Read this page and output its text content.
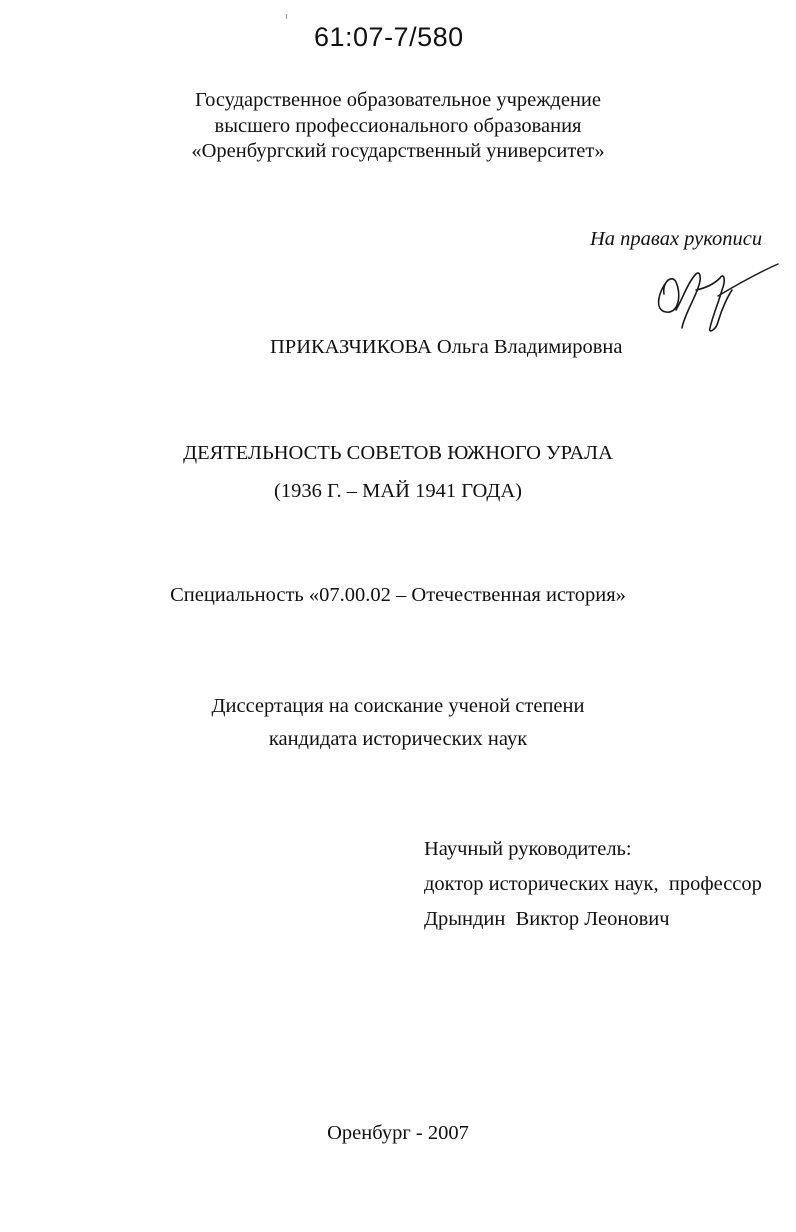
61:07-7/580
Государственное образовательное учреждение
высшего профессионального образования
«Оренбургский государственный университет»
На правах рукописи
ПРИКАЗЧИКОВА Ольга Владимировна
ДЕЯТЕЛЬНОСТЬ СОВЕТОВ ЮЖНОГО УРАЛА
(1936 Г. – МАЙ 1941 ГОДА)
Специальность «07.00.02 – Отечественная история»
Диссертация на соискание ученой степени
кандидата исторических наук
Научный руководитель:
доктор исторических наук,  профессор
Дрындин  Виктор Леонович
Оренбург - 2007
